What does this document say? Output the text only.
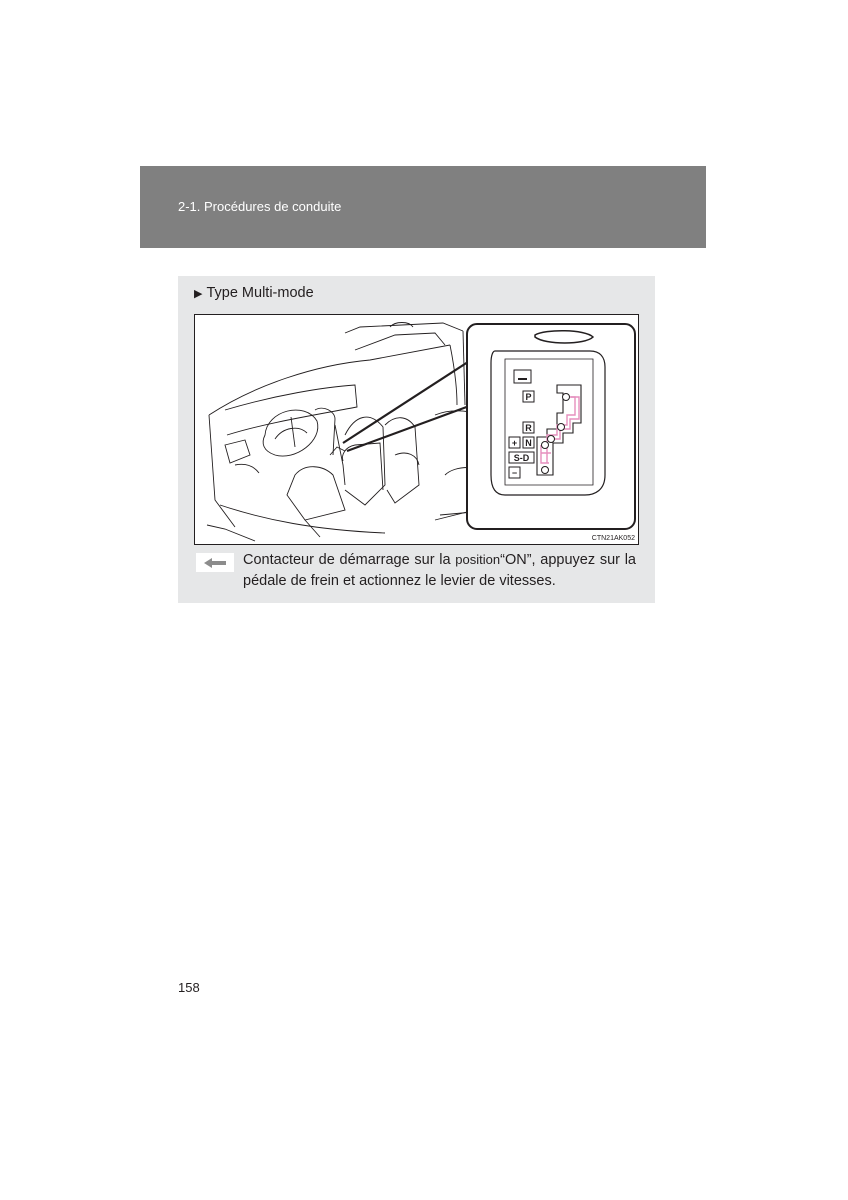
2-1. Procédures de conduite
▶ Type Multi-mode
P
R
+ N
S-D
−
CTN21AK052
Contacteur de démarrage sur la position“ON”, appuyez sur la pédale de frein et actionnez le levier de vitesses.
158
